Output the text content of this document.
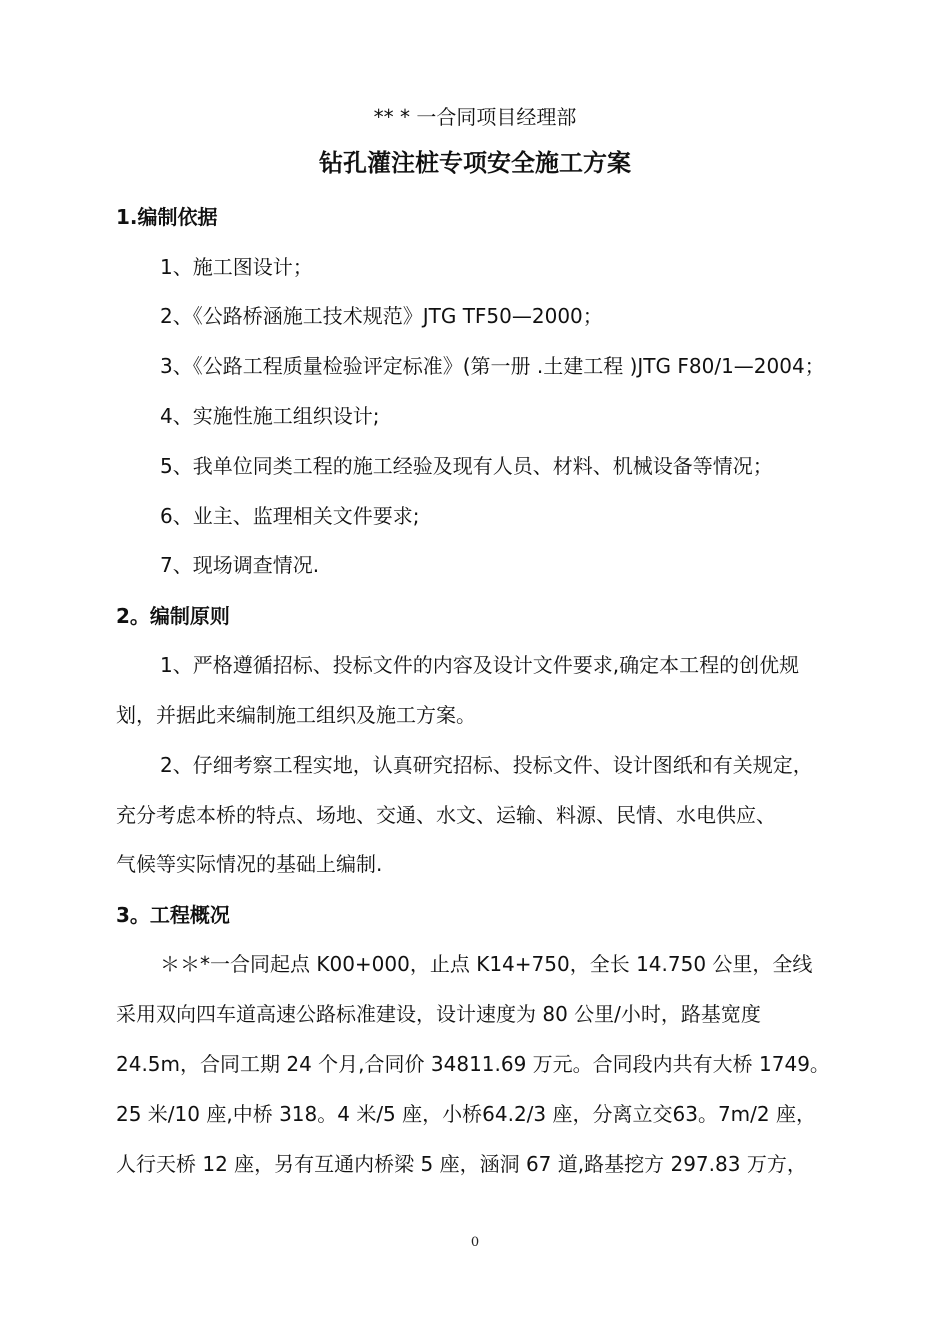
** * 一合同项目经理部
钻孔灌注桩专项安全施工方案
1.编制依据
1、施工图设计；
2、《公路桥涵施工技术规范》JTG TF50—2000；
3、《公路工程质量检验评定标准》(第一册 .土建工程 )JTG F80/1—2004；
4、实施性施工组织设计;
5、我单位同类工程的施工经验及现有人员、材料、机械设备等情况；
6、业主、监理相关文件要求;
7、现场调查情况.
2。编制原则
1、严格遵循招标、投标文件的内容及设计文件要求,确定本工程的创优规
划，并据此来编制施工组织及施工方案。
2、仔细考察工程实地，认真研究招标、投标文件、设计图纸和有关规定，
充分考虑本桥的特点、场地、交通、水文、运输、料源、民情、水电供应、
气候等实际情况的基础上编制.
3。工程概况
＊＊*一合同起点 K00+000，止点 K14+750，全长 14.750 公里，全线
采用双向四车道高速公路标准建设，设计速度为 80 公里/小时，路基宽度
24.5m，合同工期 24 个月,合同价 34811.69 万元。合同段内共有大桥 1749。
25 米/10 座,中桥 318。4 米/5 座，小桥64.2/3 座，分离立交63。7m/2 座，
人行天桥 12 座，另有互通内桥梁 5 座，涵洞 67 道,路基挖方 297.83 万方，
0
